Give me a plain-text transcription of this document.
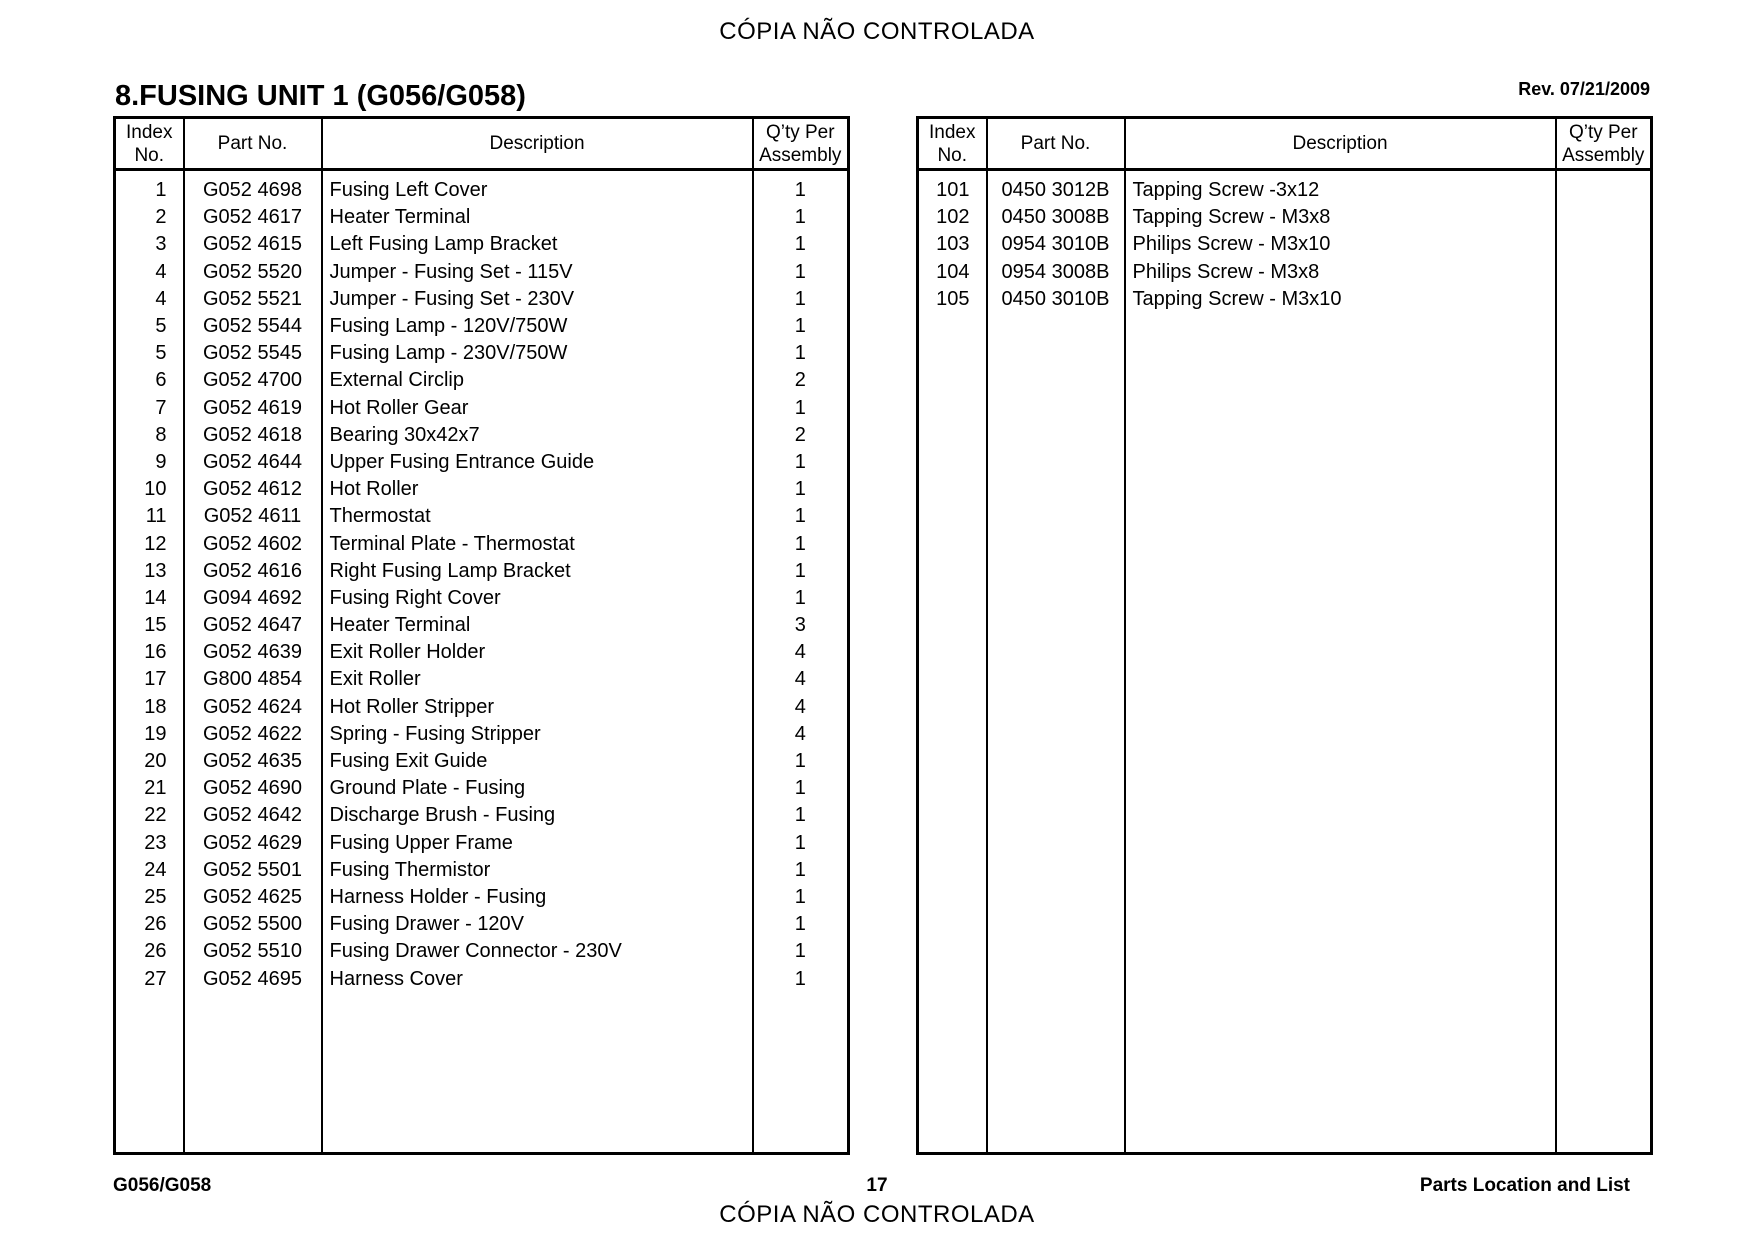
CÓPIA NÃO CONTROLADA
8.FUSING UNIT 1 (G056/G058)	Rev. 07/21/2009
Index
No.	Part No.	Description	Q’ty Per
Assembly
1	G052 4698	Fusing Left Cover	1
2	G052 4617	Heater Terminal	1
3	G052 4615	Left Fusing Lamp Bracket	1
4	G052 5520	Jumper - Fusing Set - 115V	1
4	G052 5521	Jumper - Fusing Set - 230V	1
5	G052 5544	Fusing Lamp - 120V/750W	1
5	G052 5545	Fusing Lamp - 230V/750W	1
6	G052 4700	External Circlip	2
7	G052 4619	Hot Roller Gear	1
8	G052 4618	Bearing 30x42x7	2
9	G052 4644	Upper Fusing Entrance Guide	1
10	G052 4612	Hot Roller	1
11	G052 4611	Thermostat	1
12	G052 4602	Terminal Plate - Thermostat	1
13	G052 4616	Right Fusing Lamp Bracket	1
14	G094 4692	Fusing Right Cover	1
15	G052 4647	Heater Terminal	3
16	G052 4639	Exit Roller Holder	4
17	G800 4854	Exit Roller	4
18	G052 4624	Hot Roller Stripper	4
19	G052 4622	Spring - Fusing Stripper	4
20	G052 4635	Fusing Exit Guide	1
21	G052 4690	Ground Plate - Fusing	1
22	G052 4642	Discharge Brush - Fusing	1
23	G052 4629	Fusing Upper Frame	1
24	G052 5501	Fusing Thermistor	1
25	G052 4625	Harness Holder - Fusing	1
26	G052 5500	Fusing Drawer - 120V	1
26	G052 5510	Fusing Drawer Connector - 230V	1
27	G052 4695	Harness Cover	1

Index
No.	Part No.	Description	Q’ty Per
Assembly
101	0450 3012B	Tapping Screw -3x12	
102	0450 3008B	Tapping Screw - M3x8	
103	0954 3010B	Philips Screw - M3x10	
104	0954 3008B	Philips Screw - M3x8	
105	0450 3010B	Tapping Screw - M3x10	

G056/G058	17	Parts Location and List
CÓPIA NÃO CONTROLADA
